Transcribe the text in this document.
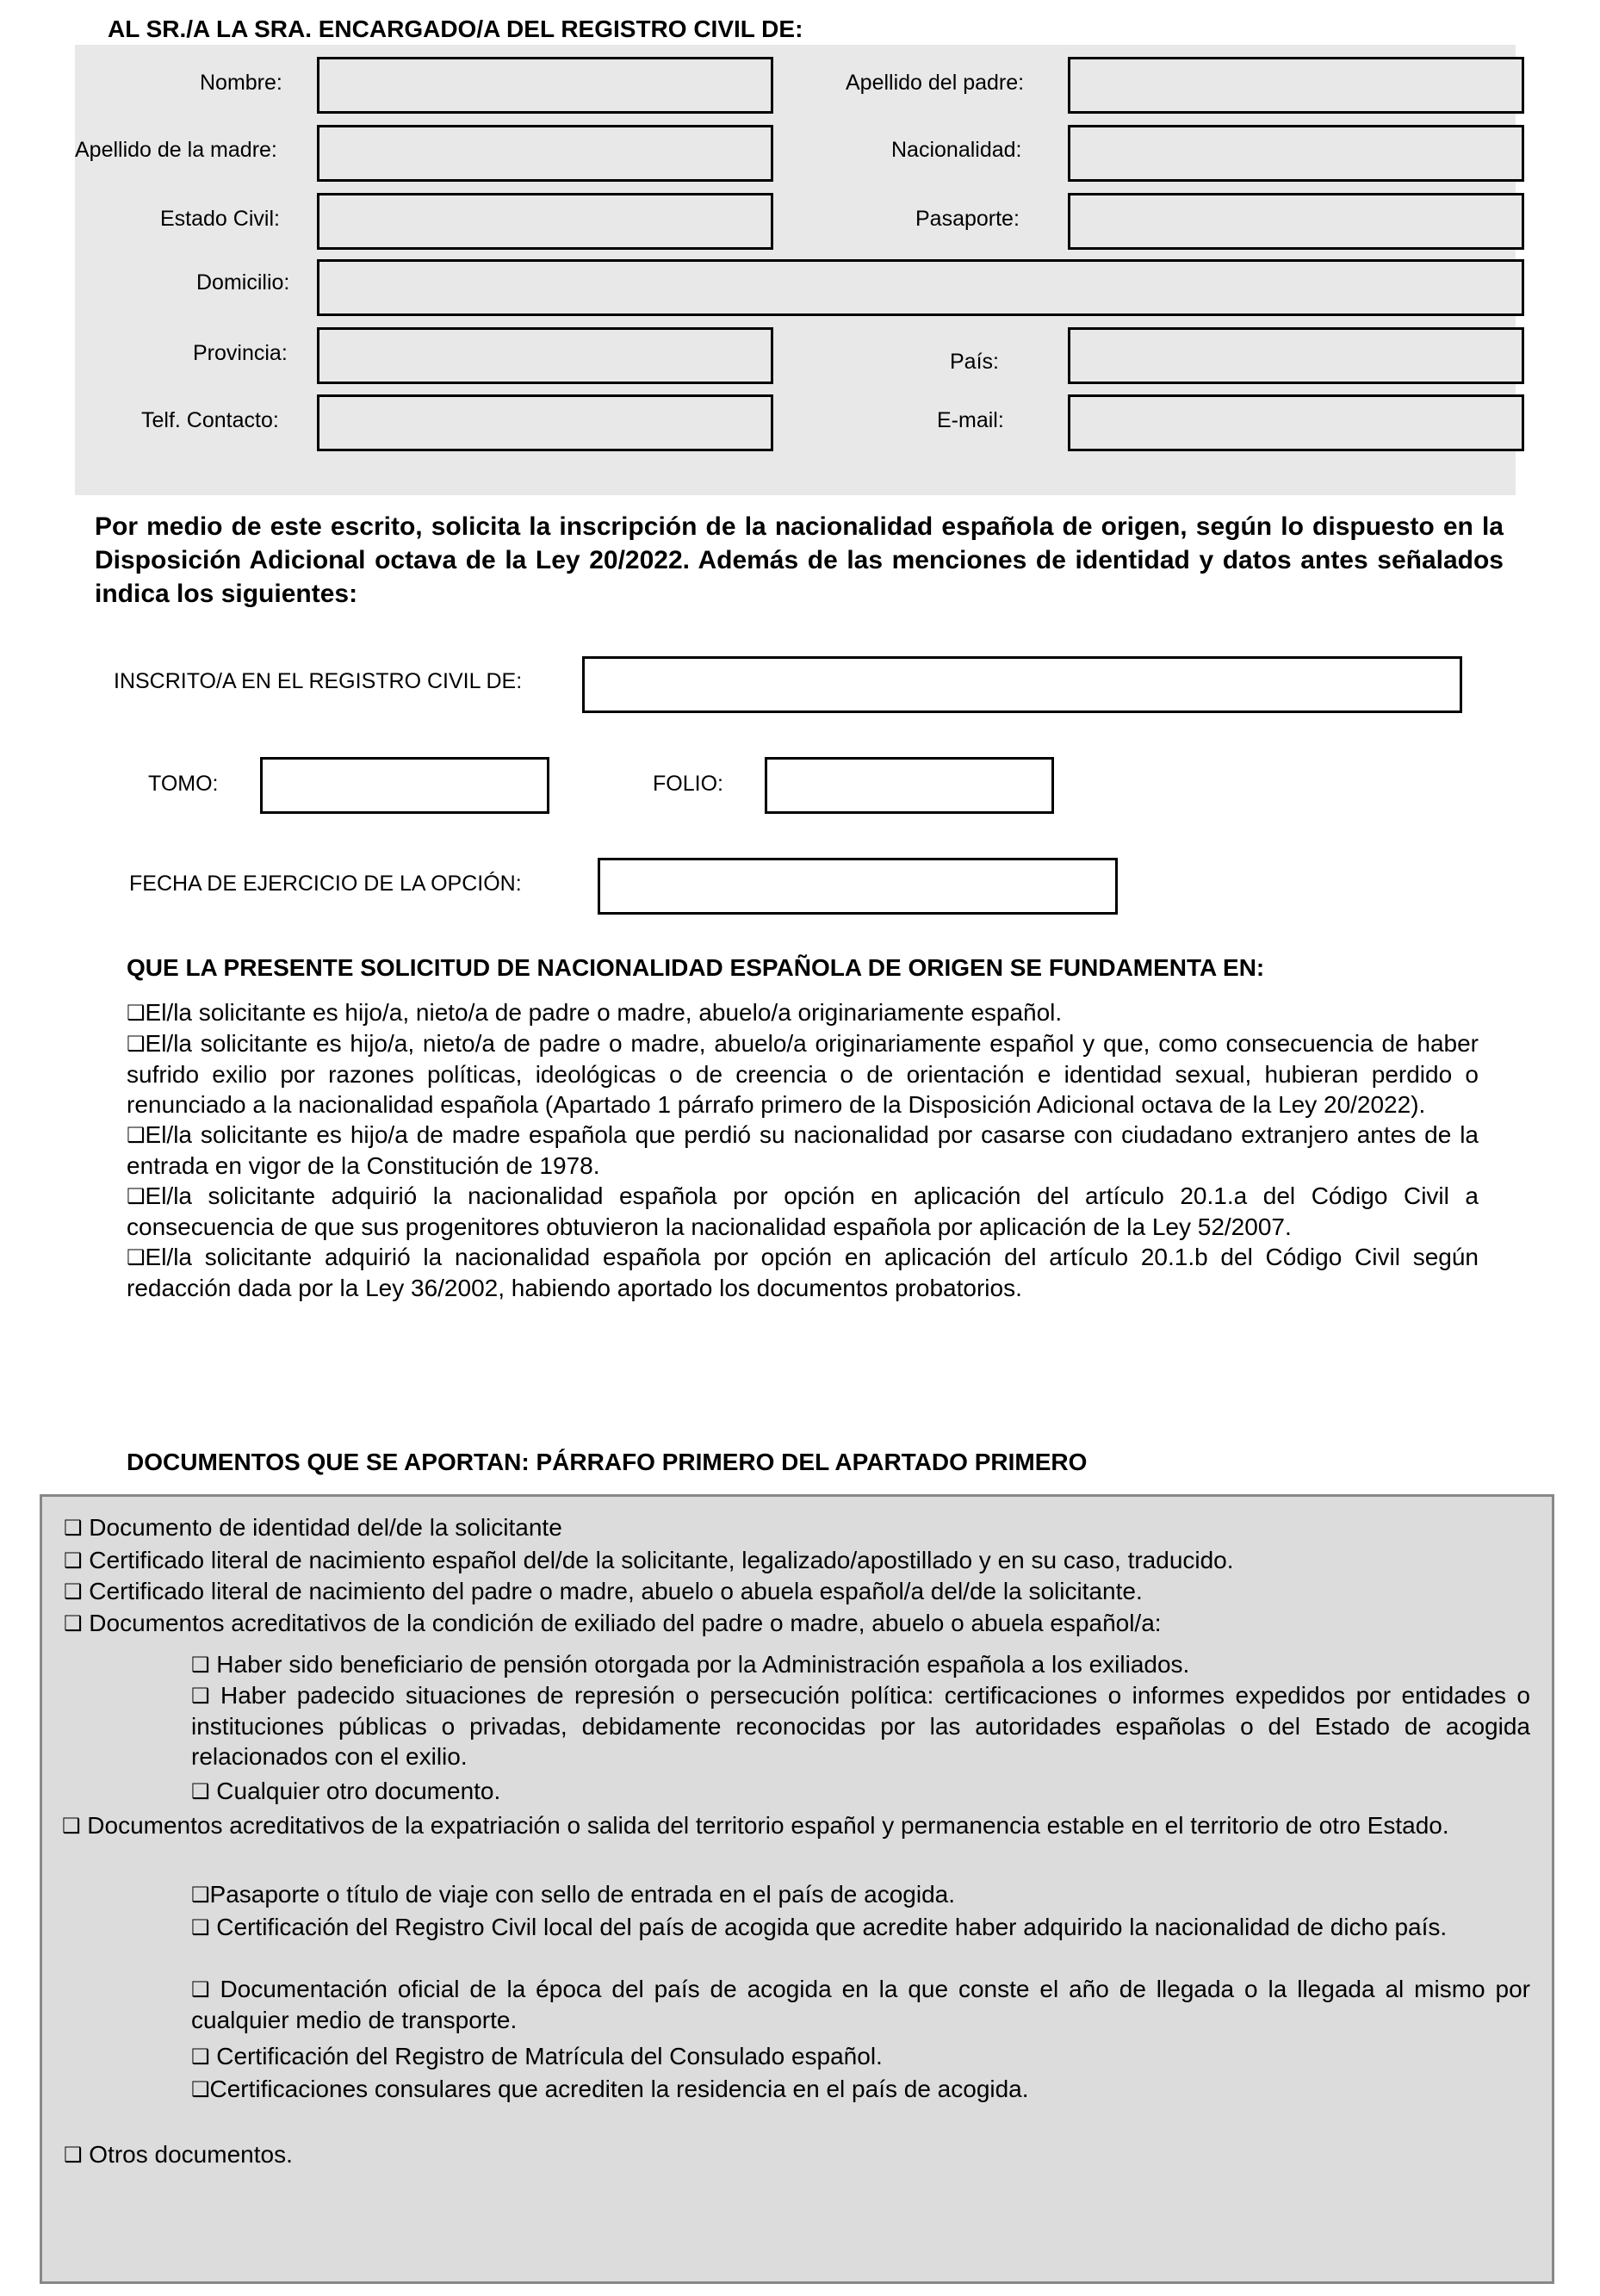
AL SR./A LA SRA. ENCARGADO/A DEL REGISTRO CIVIL DE:
Nombre:	Apellido del padre:
Apellido de la madre:	Nacionalidad:
Estado Civil:	Pasaporte:
Domicilio:
Provincia:	País:
Telf. Contacto:	E-mail:
Por medio de este escrito, solicita la inscripción de la nacionalidad española de origen, según lo dispuesto en la Disposición Adicional octava de la Ley 20/2022. Además de las menciones de identidad y datos antes señalados indica los siguientes:
INSCRITO/A EN EL REGISTRO CIVIL DE:
TOMO:	FOLIO:
FECHA DE EJERCICIO DE LA OPCIÓN:
QUE LA PRESENTE SOLICITUD DE NACIONALIDAD ESPAÑOLA DE ORIGEN SE FUNDAMENTA EN:
❑El/la solicitante es hijo/a, nieto/a de padre o madre, abuelo/a originariamente español.
❑El/la solicitante es hijo/a, nieto/a de padre o madre, abuelo/a originariamente español y que, como consecuencia de haber sufrido exilio por razones políticas, ideológicas o de creencia o de orientación e identidad sexual, hubieran perdido o renunciado a la nacionalidad española (Apartado 1 párrafo primero de la Disposición Adicional octava de la Ley 20/2022).
❑El/la solicitante es hijo/a de madre española que perdió su nacionalidad por casarse con ciudadano extranjero antes de la entrada en vigor de la Constitución de 1978.
❑El/la solicitante adquirió la nacionalidad española por opción en aplicación del artículo 20.1.a del Código Civil a consecuencia de que sus progenitores obtuvieron la nacionalidad española por aplicación de la Ley 52/2007.
❑El/la solicitante adquirió la nacionalidad española por opción en aplicación del artículo 20.1.b del Código Civil según redacción dada por la Ley 36/2002, habiendo aportado los documentos probatorios.
DOCUMENTOS QUE SE APORTAN: PÁRRAFO PRIMERO DEL APARTADO PRIMERO
❑ Documento de identidad del/de la solicitante
❑ Certificado literal de nacimiento español del/de la solicitante, legalizado/apostillado y en su caso, traducido.
❑ Certificado literal de nacimiento del padre o madre, abuelo o abuela español/a del/de la solicitante.
❑ Documentos acreditativos de la condición de exiliado del padre o madre, abuelo o abuela español/a:
❑ Haber sido beneficiario de pensión otorgada por la Administración española a los exiliados.
❑ Haber padecido situaciones de represión o persecución política: certificaciones o informes expedidos por entidades o instituciones públicas o privadas, debidamente reconocidas por las autoridades españolas o del Estado de acogida relacionados con el exilio.
❑ Cualquier otro documento.
❑ Documentos acreditativos de la expatriación o salida del territorio español y permanencia estable en el territorio de otro Estado.
❑Pasaporte o título de viaje con sello de entrada en el país de acogida.
❑ Certificación del Registro Civil local del país de acogida que acredite haber adquirido la nacionalidad de dicho país.
❑ Documentación oficial de la época del país de acogida en la que conste el año de llegada o la llegada al mismo por cualquier medio de transporte.
❑ Certificación del Registro de Matrícula del Consulado español.
❑Certificaciones consulares que acrediten la residencia en el país de acogida.
❑ Otros documentos.
